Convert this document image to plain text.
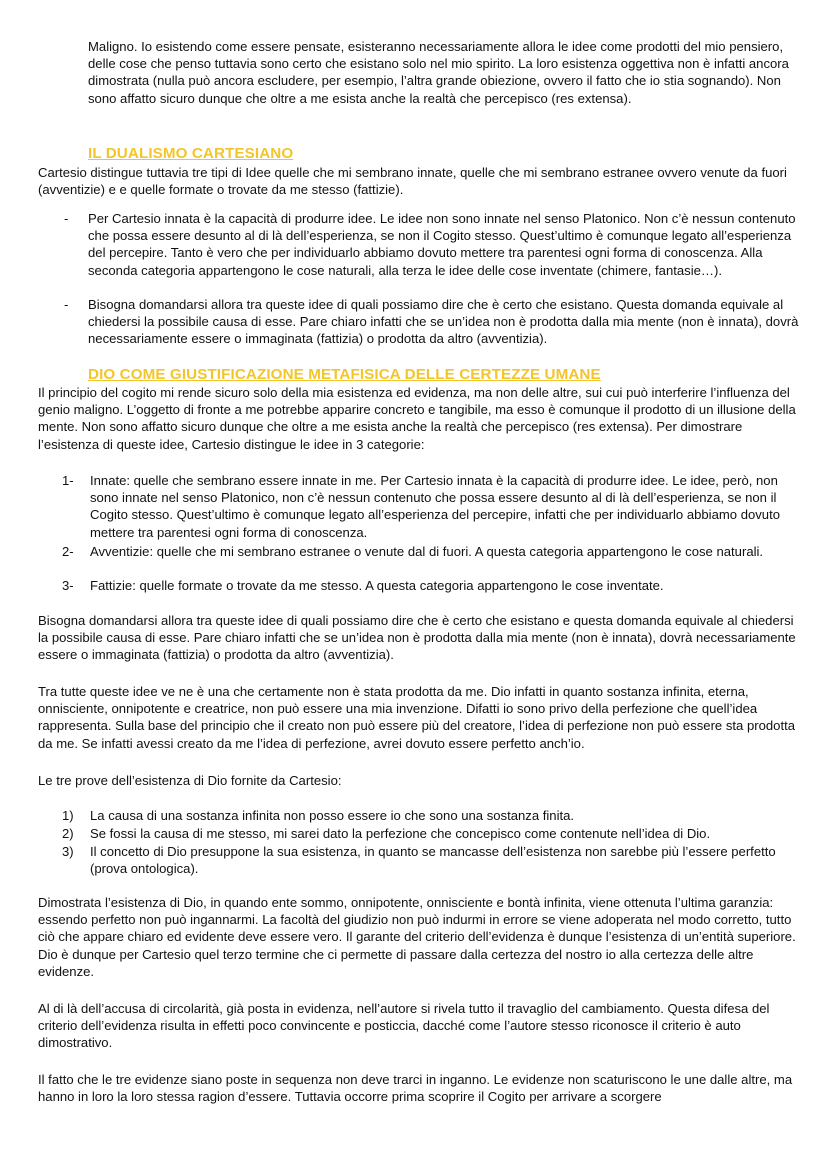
Maligno. Io esistendo come essere pensate, esisteranno necessariamente allora le idee come prodotti del mio pensiero, delle cose che penso tuttavia sono certo che esistano solo nel mio spirito. La loro esistenza oggettiva non è infatti ancora dimostrata (nulla può ancora escludere, per esempio, l’altra grande obiezione, ovvero il fatto che io stia sognando). Non sono affatto sicuro dunque che oltre a me esista anche la realtà che percepisco (res extensa).

IL DUALISMO CARTESIANO

Cartesio distingue tuttavia tre tipi di Idee quelle che mi sembrano innate, quelle che mi sembrano estranee ovvero venute da fuori (avventizie) e e quelle formate o trovate da me stesso (fattizie).

-	Per Cartesio innata è la capacità di produrre idee. Le idee non sono innate nel senso Platonico. Non c’è nessun contenuto che possa essere desunto al di là dell’esperienza, se non il Cogito stesso. Quest’ultimo è comunque legato all’esperienza del percepire. Tanto è vero che per individuarlo abbiamo dovuto mettere tra parentesi ogni forma di conoscenza. Alla seconda categoria appartengono le cose naturali, alla terza le idee delle cose inventate (chimere, fantasie…).
-	Bisogna domandarsi allora tra queste idee di quali possiamo dire che è certo che esistano. Questa domanda equivale al chiedersi la possibile causa di esse. Pare chiaro infatti che se un’idea non è prodotta dalla mia mente (non è innata), dovrà necessariamente essere o immaginata (fattizia) o prodotta da altro (avventizia).
DIO COME GIUSTIFICAZIONE METAFISICA DELLE CERTEZZE UMANE

Il principio del cogito mi rende sicuro solo della mia esistenza ed evidenza, ma non delle altre, sui cui può interferire l’influenza del genio maligno. L’oggetto di fronte a me potrebbe apparire concreto e tangibile, ma esso è comunque il prodotto di un illusione della mente. Non sono affatto sicuro dunque che oltre a me esista anche la realtà che percepisco (res extensa). Per dimostrare l’esistenza di queste idee, Cartesio distingue le idee in 3 categorie:

1-	Innate: quelle che sembrano essere innate in me. Per Cartesio innata è la capacità di produrre idee. Le idee, però, non sono innate nel senso Platonico, non c’è nessun contenuto che possa essere desunto al di là dell’esperienza, se non il Cogito stesso. Quest’ultimo è comunque legato all’esperienza del percepire, infatti che per individuarlo abbiamo dovuto mettere tra parentesi ogni forma di conoscenza.
2-	Avventizie: quelle che mi sembrano estranee o venute dal di fuori. A questa categoria appartengono le cose naturali.
3-	Fattizie: quelle formate o trovate da me stesso. A questa categoria appartengono le cose inventate.

Bisogna domandarsi allora tra queste idee di quali possiamo dire che è certo che esistano e questa domanda equivale al chiedersi la possibile causa di esse. Pare chiaro infatti che se un’idea non è prodotta dalla mia mente (non è innata), dovrà necessariamente essere o immaginata (fattizia) o prodotta da altro (avventizia).

Tra tutte queste idee ve ne è una che certamente non è stata prodotta da me. Dio infatti in quanto sostanza infinita, eterna, onnisciente, onnipotente e creatrice, non può essere una mia invenzione. Difatti io sono privo della perfezione che quell’idea rappresenta. Sulla base del principio che il creato non può essere più del creatore, l’idea di perfezione non può essere sta prodotta da me. Se infatti avessi creato da me l’idea di perfezione, avrei dovuto essere perfetto anch’io.

Le tre prove dell’esistenza di Dio fornite da Cartesio:

1)	La causa di una sostanza infinita non posso essere io che sono una sostanza finita.
2)	Se fossi la causa di me stesso, mi sarei dato la perfezione che concepisco come contenute nell’idea di Dio.
3)	Il concetto di Dio presuppone la sua esistenza, in quanto se mancasse dell’esistenza non sarebbe più l’essere perfetto (prova ontologica).

Dimostrata l’esistenza di Dio, in quando ente sommo, onnipotente, onnisciente e bontà infinita, viene ottenuta l’ultima garanzia: essendo perfetto non può ingannarmi. La facoltà del giudizio non può indurmi in errore se viene adoperata nel modo corretto, tutto ciò che appare chiaro ed evidente deve essere vero. Il garante del criterio dell’evidenza è dunque l’esistenza di un’entità superiore. Dio è dunque per Cartesio quel terzo termine che ci permette di passare dalla certezza del nostro io alla certezza delle altre evidenze.

Al di là dell’accusa di circolarità, già posta in evidenza, nell’autore si rivela tutto il travaglio del cambiamento. Questa difesa del criterio dell’evidenza risulta in effetti poco convincente e posticcia, dacché come l’autore stesso riconosce il criterio è auto dimostrativo.

Il fatto che le tre evidenze siano poste in sequenza non deve trarci in inganno. Le evidenze non scaturiscono le une dalle altre, ma hanno in loro la loro stessa ragion d’essere. Tuttavia occorre prima scoprire il Cogito per arrivare a scorgere
